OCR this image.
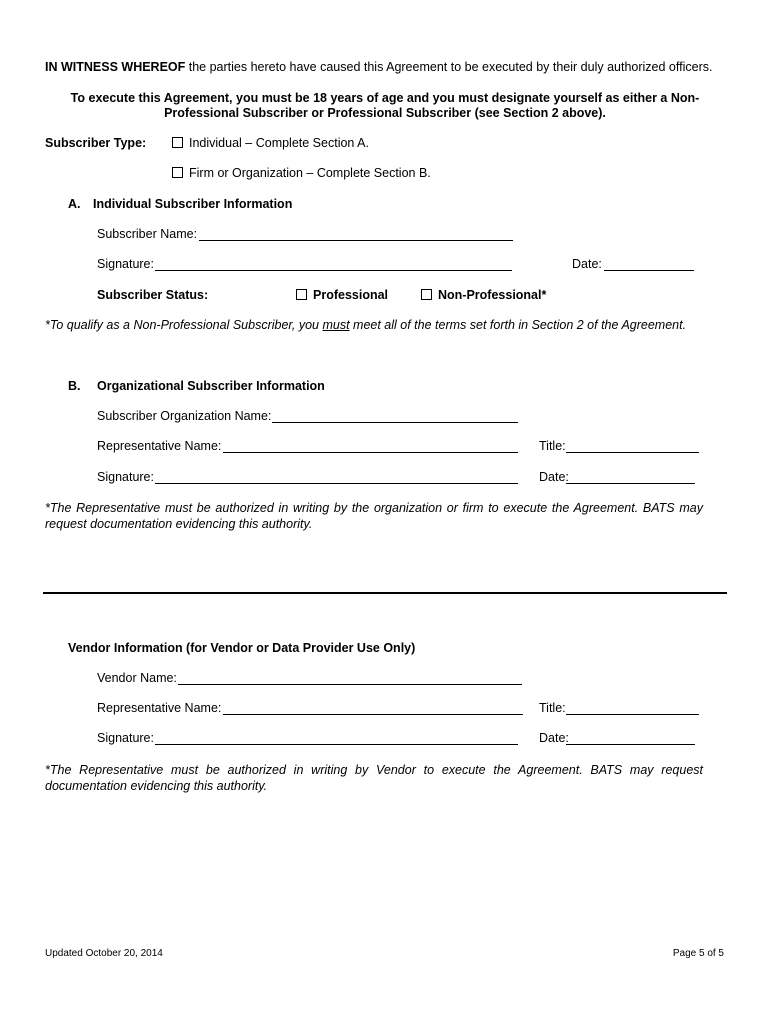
IN WITNESS WHEREOF the parties hereto have caused this Agreement to be executed by their duly authorized officers.
To execute this Agreement, you must be 18 years of age and you must designate yourself as either a Non-
Professional Subscriber or Professional Subscriber (see Section 2 above).
Subscriber Type:	Individual – Complete Section A.
Firm or Organization – Complete Section B.
A. Individual Subscriber Information
Subscriber Name:
Signature:	Date:
Subscriber Status:	Professional	Non-Professional*
*To qualify as a Non-Professional Subscriber, you must meet all of the terms set forth in Section 2 of the Agreement.
B. Organizational Subscriber Information
Subscriber Organization Name:
Representative Name:	Title:
Signature:	Date:
*The Representative must be authorized in writing by the organization or firm to execute the Agreement. BATS may request documentation evidencing this authority.
Vendor Information (for Vendor or Data Provider Use Only)
Vendor Name:
Representative Name:	Title:
Signature:	Date:
*The Representative must be authorized in writing by Vendor to execute the Agreement. BATS may request documentation evidencing this authority.
Updated October 20, 2014	Page 5 of 5
